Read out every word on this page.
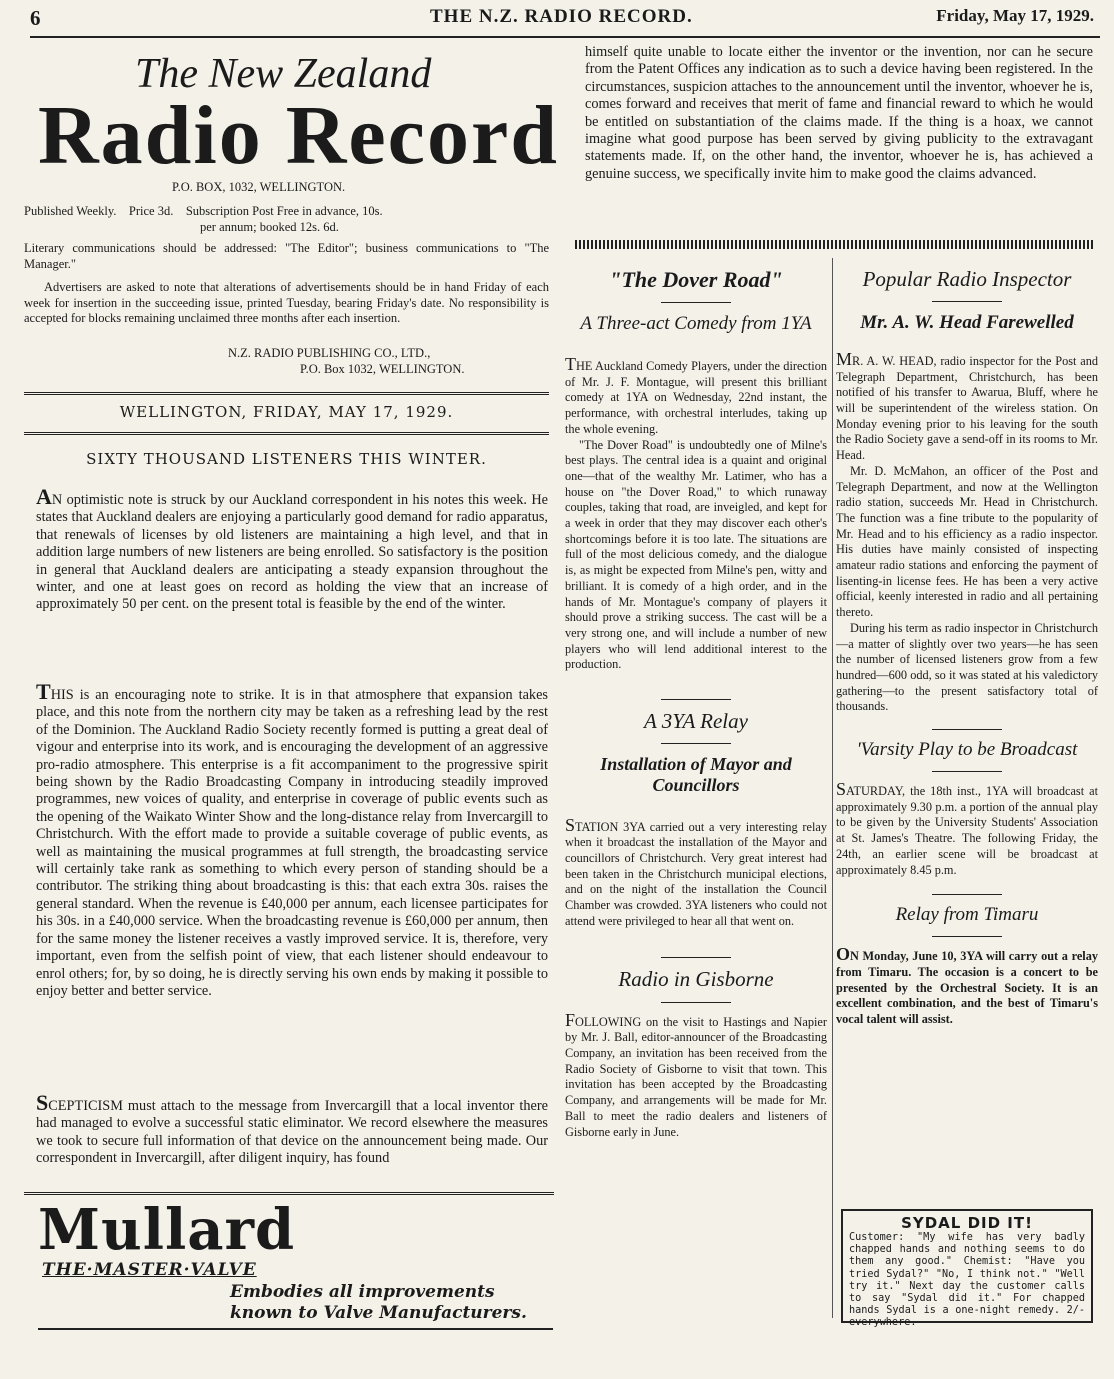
6	THE N.Z. RADIO RECORD.	Friday, May 17, 1929.
The New Zealand
Radio Record
P.O. BOX, 1032, WELLINGTON.
Published Weekly.    Price 3d.    Subscription Post Free in advance, 10s.
per annum; booked 12s. 6d.
Literary communications should be addressed: "The Editor"; business communications to "The Manager."
Advertisers are asked to note that alterations of advertisements should be in hand Friday of each week for insertion in the succeeding issue, printed Tuesday, bearing Friday's date. No responsibility is accepted for blocks remaining unclaimed three months after each insertion.
N.Z. RADIO PUBLISHING CO., LTD.,
P.O. Box 1032, WELLINGTON.
WELLINGTON, FRIDAY, MAY 17, 1929.
SIXTY THOUSAND LISTENERS THIS WINTER.
AN optimistic note is struck by our Auckland correspondent in his notes this week. He states that Auckland dealers are enjoying a particularly good demand for radio apparatus, that renewals of licenses by old listeners are maintaining a high level, and that in addition large numbers of new listeners are being enrolled. So satisfactory is the position in general that Auckland dealers are anticipating a steady expansion throughout the winter, and one at least goes on record as holding the view that an increase of approximately 50 per cent. on the present total is feasible by the end of the winter.
THIS is an encouraging note to strike. It is in that atmosphere that expansion takes place, and this note from the northern city may be taken as a refreshing lead by the rest of the Dominion. The Auckland Radio Society recently formed is putting a great deal of vigour and enterprise into its work, and is encouraging the development of an aggressive pro-radio atmosphere. This enterprise is a fit accompaniment to the progressive spirit being shown by the Radio Broadcasting Company in introducing steadily improved programmes, new voices of quality, and enterprise in coverage of public events such as the opening of the Waikato Winter Show and the long-distance relay from Invercargill to Christchurch. With the effort made to provide a suitable coverage of public events, as well as maintaining the musical programmes at full strength, the broadcasting service will certainly take rank as something to which every person of standing should be a contributor. The striking thing about broadcasting is this: that each extra 30s. raises the general standard. When the revenue is £40,000 per annum, each licensee participates for his 30s. in a £40,000 service. When the broadcasting revenue is £60,000 per annum, then for the same money the listener receives a vastly improved service. It is, therefore, very important, even from the selfish point of view, that each listener should endeavour to enrol others; for, by so doing, he is directly serving his own ends by making it possible to enjoy better and better service.
SCEPTICISM must attach to the message from Invercargill that a local inventor there had managed to evolve a successful static eliminator. We record elsewhere the measures we took to secure full information of that device on the announcement being made. Our correspondent in Invercargill, after diligent inquiry, has found
Mullard
THE·MASTER·VALVE
Embodies all improvements
known to Valve Manufacturers.
himself quite unable to locate either the inventor or the invention, nor can he secure from the Patent Offices any indication as to such a device having been registered. In the circumstances, suspicion attaches to the announcement until the inventor, whoever he is, comes forward and receives that merit of fame and financial reward to which he would be entitled on substantiation of the claims made. If the thing is a hoax, we cannot imagine what good purpose has been served by giving publicity to the extravagant statements made. If, on the other hand, the inventor, whoever he is, has achieved a genuine success, we specifically invite him to make good the claims advanced.
"The Dover Road"
A Three-act Comedy from 1YA

THE Auckland Comedy Players, under the direction of Mr. J. F. Montague, will present this brilliant comedy at 1YA on Wednesday, 22nd instant, the performance, with orchestral interludes, taking up the whole evening.

"The Dover Road" is undoubtedly one of Milne's best plays. The central idea is a quaint and original one—that of the wealthy Mr. Latimer, who has a house on "the Dover Road," to which runaway couples, taking that road, are inveigled, and kept for a week in order that they may discover each other's shortcomings before it is too late. The situations are full of the most delicious comedy, and the dialogue is, as might be expected from Milne's pen, witty and brilliant. It is comedy of a high order, and in the hands of Mr. Montague's company of players it should prove a striking success. The cast will be a very strong one, and will include a number of new players who will lend additional interest to the production.

A 3YA Relay
Installation of Mayor and Councillors

STATION 3YA carried out a very interesting relay when it broadcast the installation of the Mayor and councillors of Christchurch. Very great interest had been taken in the Christchurch municipal elections, and on the night of the installation the Council Chamber was crowded. 3YA listeners who could not attend were privileged to hear all that went on.

Radio in Gisborne

FOLLOWING on the visit to Hastings and Napier by Mr. J. Ball, editor-announcer of the Broadcasting Company, an invitation has been received from the Radio Society of Gisborne to visit that town. This invitation has been accepted by the Broadcasting Company, and arrangements will be made for Mr. Ball to meet the radio dealers and listeners of Gisborne early in June.

Popular Radio Inspector
Mr. A. W. Head Farewelled

MR. A. W. HEAD, radio inspector for the Post and Telegraph Department, Christchurch, has been notified of his transfer to Awarua, Bluff, where he will be superintendent of the wireless station. On Monday evening prior to his leaving for the south the Radio Society gave a send-off in its rooms to Mr. Head.

Mr. D. McMahon, an officer of the Post and Telegraph Department, and now at the Wellington radio station, succeeds Mr. Head in Christchurch. The function was a fine tribute to the popularity of Mr. Head and to his efficiency as a radio inspector. His duties have mainly consisted of inspecting amateur radio stations and enforcing the payment of lisenting-in license fees. He has been a very active official, keenly interested in radio and all pertaining thereto.

During his term as radio inspector in Christchurch—a matter of slightly over two years—he has seen the number of licensed listeners grow from a few hundred—600 odd, so it was stated at his valedictory gathering—to the present satisfactory total of thousands.

'Varsity Play to be Broadcast

SATURDAY, the 18th inst., 1YA will broadcast at approximately 9.30 p.m. a portion of the annual play to be given by the University Students' Association at St. James's Theatre. The following Friday, the 24th, an earlier scene will be broadcast at approximately 8.45 p.m.

Relay from Timaru

ON Monday, June 10, 3YA will carry out a relay from Timaru. The occasion is a concert to be presented by the Orchestral Society. It is an excellent combination, and the best of Timaru's vocal talent will assist.

SYDAL DID IT!
Customer: "My wife has very badly chapped hands and nothing seems to do them any good." Chemist: "Have you tried Sydal?" "No, I think not." "Well try it." Next day the customer calls to say "Sydal did it." For chapped hands Sydal is a one-night remedy. 2/- everywhere.
